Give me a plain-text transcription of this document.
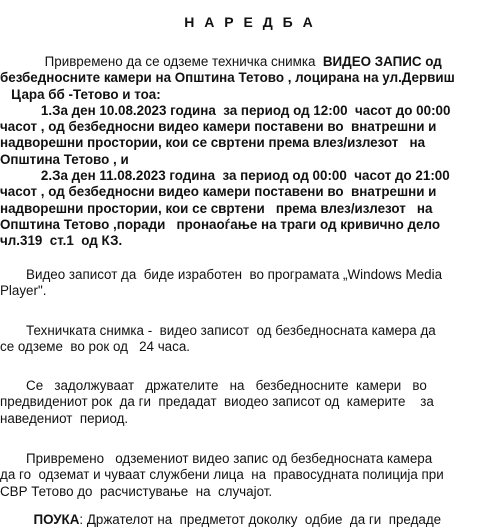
Н А Р Е Д Б А

Привремено да се одземе техничка снимка  ВИДЕО ЗАПИС од
безбедносните камери на Општина Тетово , лоцирана на ул.Дервиш
Цара бб -Тетово и тоа:
1.За ден 10.08.2023 година  за период од 12:00  часот до 00:00
часот , од безбедносни видео камери поставени во  внатрешни и
надворешни простории, кои се свртени према влез/излезот   на
Општина Тетово , и
2.За ден 11.08.2023 година  за период од 00:00  часот до 21:00
часот , од безбедносни видео камери поставени во  внатрешни и
надворешни простории, кои се свртени   према влез/излезот   на
Општина Тетово ,поради   пронаоѓање на траги од кривично дело
чл.319  ст.1  од КЗ.

Видео записот да  биде изработен  во програмата „Windows Media
Player".

Техничката снимка -  видео записот  од безбедносната камера да
се одземе  во рок од   24 часа.

Се   задолжуваат   држателите   на   безбедносните  камери   во
предвидениот рок  да ги  предадат  виодео записот од  камерите    за
наведениот  период.

Привремено   одземениот видео запис од безбедносната камера
да го  одземат и чуваат службени лица  на  правосудната полиција при
СВР Тетово до  расчистување  на  случајот.

ПОУКА: Држателот на  предметот доколку  одбие  да ги  предаде
